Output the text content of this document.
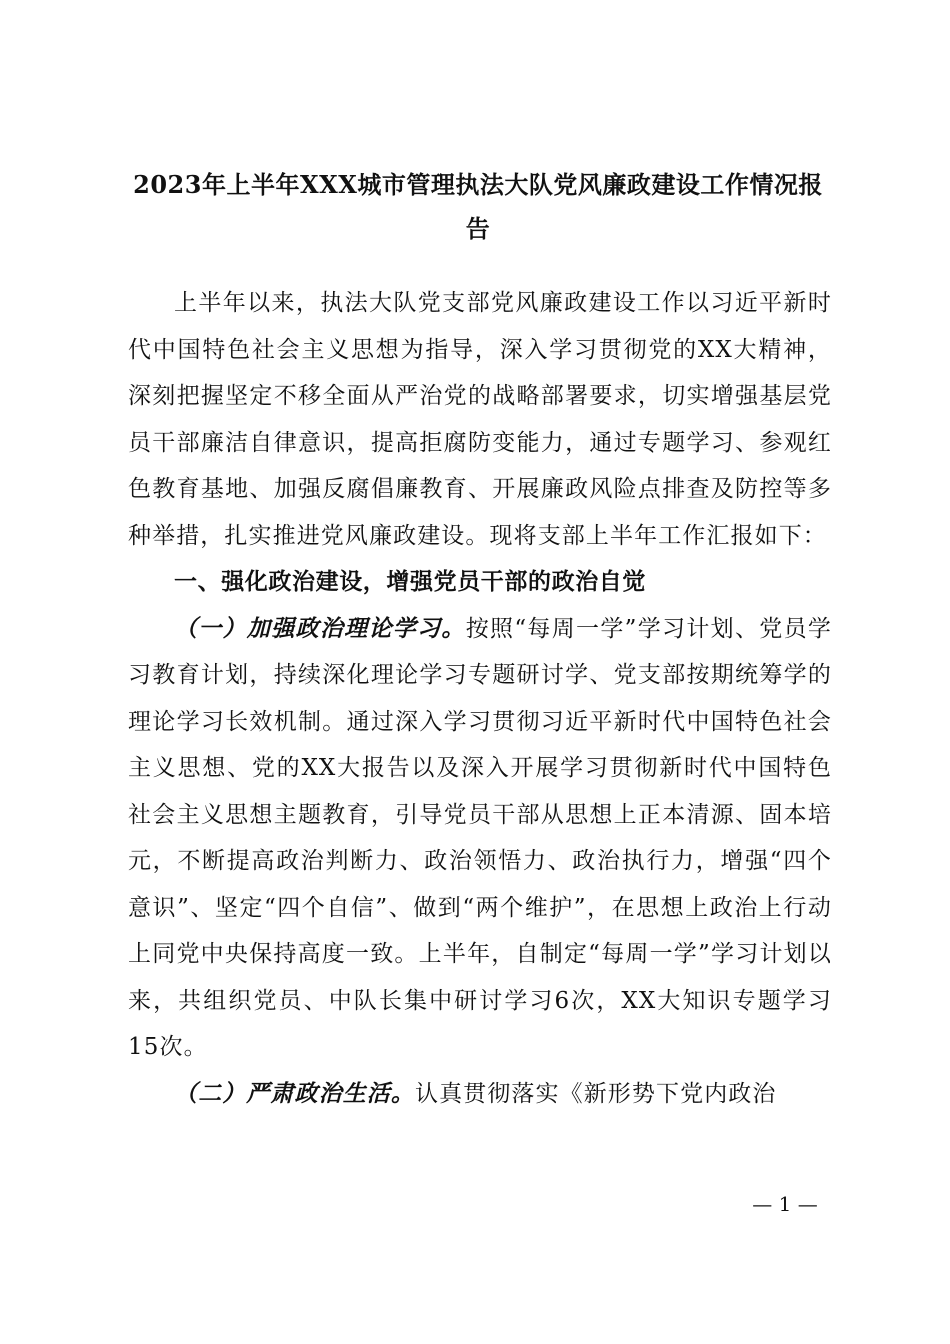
2023年上半年XXX城市管理执法大队党风廉政建设工作情况报告

上半年以来，执法大队党支部党风廉政建设工作以习近平新时代中国特色社会主义思想为指导，深入学习贯彻党的XX大精神，深刻把握坚定不移全面从严治党的战略部署要求，切实增强基层党员干部廉洁自律意识，提高拒腐防变能力，通过专题学习、参观红色教育基地、加强反腐倡廉教育、开展廉政风险点排查及防控等多种举措，扎实推进党风廉政建设。现将支部上半年工作汇报如下：

一、强化政治建设，增强党员干部的政治自觉

（一）加强政治理论学习。按照“每周一学”学习计划、党员学习教育计划，持续深化理论学习专题研讨学、党支部按期统筹学的理论学习长效机制。通过深入学习贯彻习近平新时代中国特色社会主义思想、党的XX大报告以及深入开展学习贯彻新时代中国特色社会主义思想主题教育，引导党员干部从思想上正本清源、固本培元，不断提高政治判断力、政治领悟力、政治执行力，增强“四个意识”、坚定“四个自信”、做到“两个维护”，在思想上政治上行动上同党中央保持高度一致。上半年，自制定“每周一学”学习计划以来，共组织党员、中队长集中研讨学习6次，XX大知识专题学习15次。

（二）严肃政治生活。认真贯彻落实《新形势下党内政治

— 1 —
